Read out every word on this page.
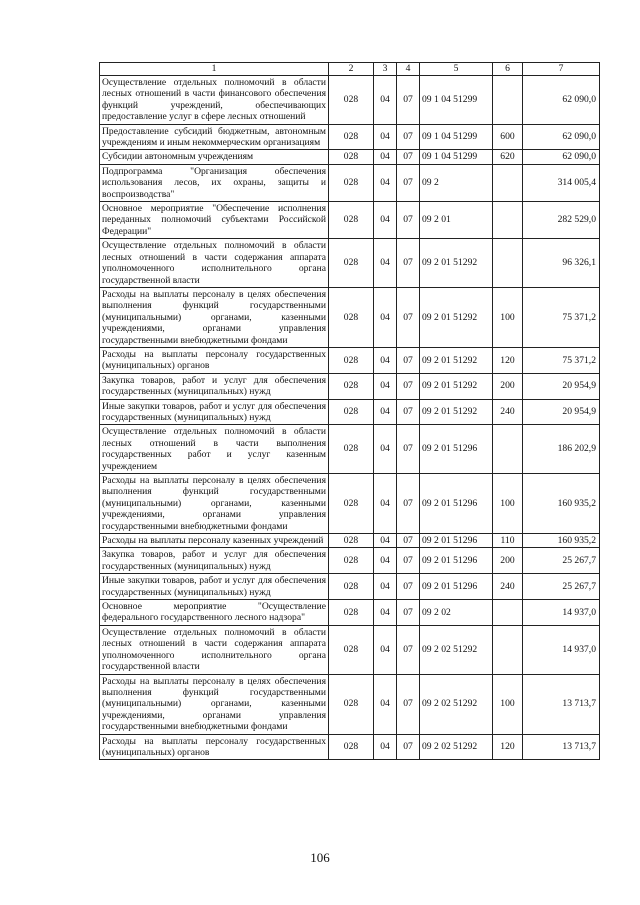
1	2	3	4	5	6	7
Осуществление отдельных полномочий в области лесных отношений в части финансового обеспечения функций учреждений, обеспечивающих предоставление услуг в сфере лесных отношений	028	04	07	09 1 04 51299		62 090,0
Предоставление субсидий бюджетным, автономным учреждениям и иным некоммерческим организациям	028	04	07	09 1 04 51299	600	62 090,0
Субсидии автономным учреждениям	028	04	07	09 1 04 51299	620	62 090,0
Подпрограмма "Организация обеспечения использования лесов, их охраны, защиты и воспроизводства"	028	04	07	09 2		314 005,4
Основное мероприятие "Обеспечение исполнения переданных полномочий субъектами Российской Федерации"	028	04	07	09 2 01		282 529,0
Осуществление отдельных полномочий в области лесных отношений в части содержания аппарата уполномоченного исполнительного органа государственной власти	028	04	07	09 2 01 51292		96 326,1
Расходы на выплаты персоналу в целях обеспечения выполнения функций государственными (муниципальными) органами, казенными учреждениями, органами управления государственными внебюджетными фондами	028	04	07	09 2 01 51292	100	75 371,2
Расходы на выплаты персоналу государственных (муниципальных) органов	028	04	07	09 2 01 51292	120	75 371,2
Закупка товаров, работ и услуг для обеспечения государственных (муниципальных) нужд	028	04	07	09 2 01 51292	200	20 954,9
Иные закупки товаров, работ и услуг для обеспечения государственных (муниципальных) нужд	028	04	07	09 2 01 51292	240	20 954,9
Осуществление отдельных полномочий в области лесных отношений в части выполнения государственных работ и услуг казенным учреждением	028	04	07	09 2 01 51296		186 202,9
Расходы на выплаты персоналу в целях обеспечения выполнения функций государственными (муниципальными) органами, казенными учреждениями, органами управления государственными внебюджетными фондами	028	04	07	09 2 01 51296	100	160 935,2
Расходы на выплаты персоналу казенных учреждений	028	04	07	09 2 01 51296	110	160 935,2
Закупка товаров, работ и услуг для обеспечения государственных (муниципальных) нужд	028	04	07	09 2 01 51296	200	25 267,7
Иные закупки товаров, работ и услуг для обеспечения государственных (муниципальных) нужд	028	04	07	09 2 01 51296	240	25 267,7
Основное мероприятие "Осуществление федерального государственного лесного надзора"	028	04	07	09 2 02		14 937,0
Осуществление отдельных полномочий в области лесных отношений в части содержания аппарата уполномоченного исполнительного органа государственной власти	028	04	07	09 2 02 51292		14 937,0
Расходы на выплаты персоналу в целях обеспечения выполнения функций государственными (муниципальными) органами, казенными учреждениями, органами управления государственными внебюджетными фондами	028	04	07	09 2 02 51292	100	13 713,7
Расходы на выплаты персоналу государственных (муниципальных) органов	028	04	07	09 2 02 51292	120	13 713,7
106
